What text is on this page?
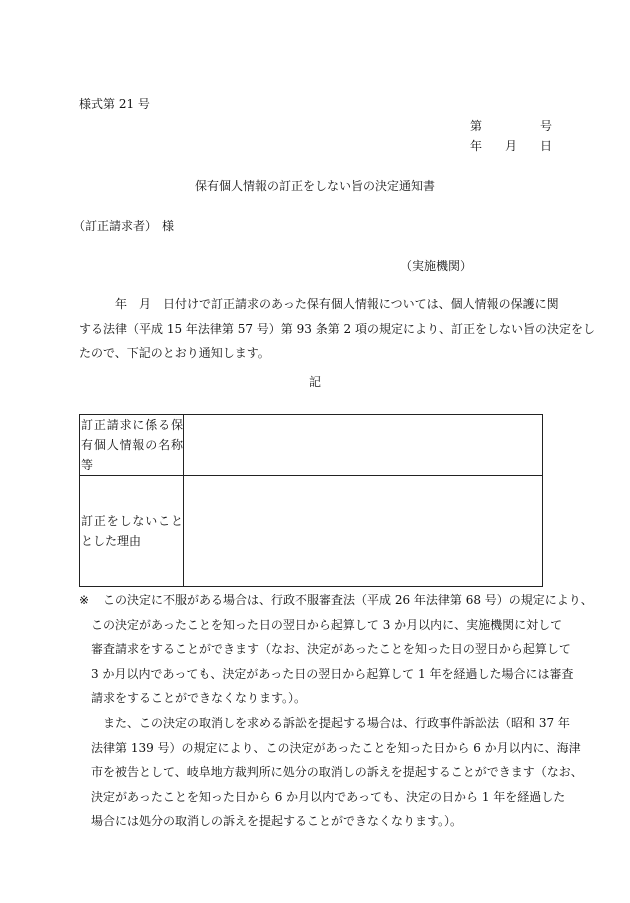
様式第 21 号
第	号
年 月 日
保有個人情報の訂正をしない旨の決定通知書
（訂正請求者） 様
（実施機関）
年　月　日付けで訂正請求のあった保有個人情報については、個人情報の保護に関
する法律（平成 15 年法律第 57 号）第 93 条第 2 項の規定により、訂正をしない旨の決定をし
たので、下記のとおり通知します。
記
訂正請求に係る保
有個人情報の名称
等	

訂正をしないこと
とした理由	

※	この決定に不服がある場合は、行政不服審査法（平成 26 年法律第 68 号）の規定により、
この決定があったことを知った日の翌日から起算して 3 か月以内に、実施機関に対して
審査請求をすることができます（なお、決定があったことを知った日の翌日から起算して
3 か月以内であっても、決定があった日の翌日から起算して 1 年を経過した場合には審査
請求をすることができなくなります。）。
また、この決定の取消しを求める訴訟を提起する場合は、行政事件訴訟法（昭和 37 年
法律第 139 号）の規定により、この決定があったことを知った日から 6 か月以内に、海津
市を被告として、岐阜地方裁判所に処分の取消しの訴えを提起することができます（なお、
決定があったことを知った日から 6 か月以内であっても、決定の日から 1 年を経過した
場合には処分の取消しの訴えを提起することができなくなります。）。
